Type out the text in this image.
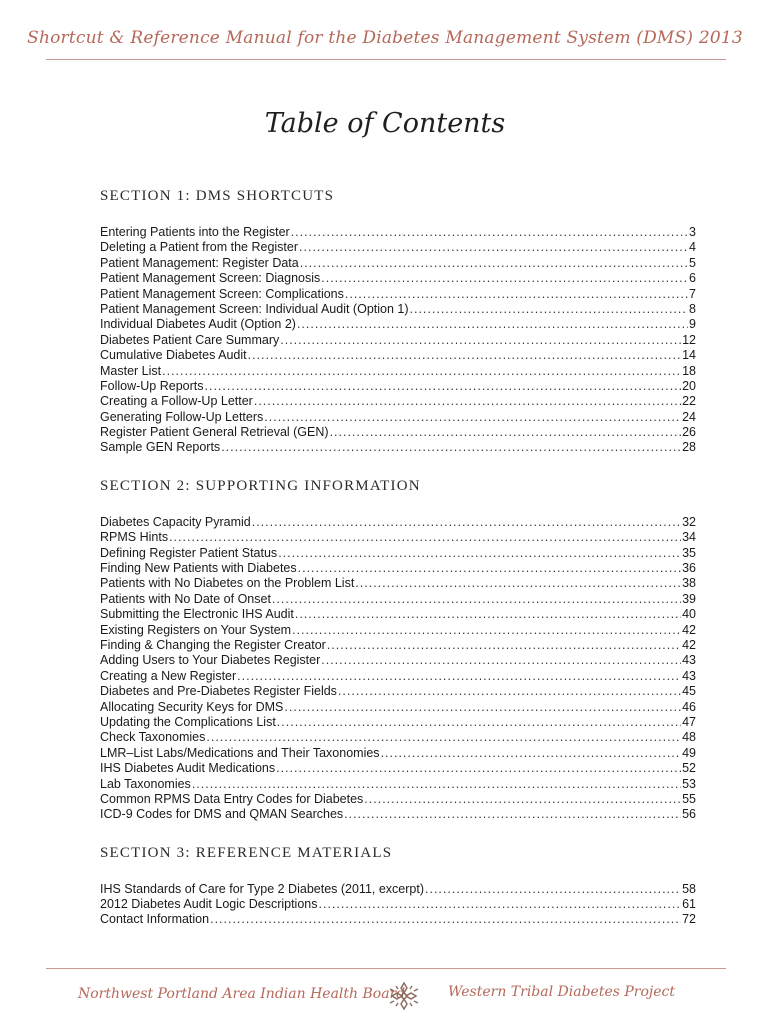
Shortcut & Reference Manual for the Diabetes Management System (DMS) 2013
Table of Contents
SECTION 1: DMS SHORTCUTS
Entering Patients into the Register .....	3
Deleting a Patient from the Register .....	4
Patient Management: Register Data .....	5
Patient Management Screen: Diagnosis .....	6
Patient Management Screen: Complications .....	7
Patient Management Screen: Individual Audit (Option 1) .....	8
Individual Diabetes Audit (Option 2) .....	9
Diabetes Patient Care Summary .....	12
Cumulative Diabetes Audit .....	14
Master List .....	18
Follow-Up Reports .....	20
Creating a Follow-Up Letter .....	22
Generating Follow-Up Letters .....	24
Register Patient General Retrieval (GEN) .....	26
Sample GEN Reports .....	28
SECTION 2: SUPPORTING INFORMATION
Diabetes Capacity Pyramid .....	32
RPMS Hints .....	34
Defining Register Patient Status .....	35
Finding New Patients with Diabetes .....	36
Patients with No Diabetes on the Problem List .....	38
Patients with No Date of Onset .....	39
Submitting the Electronic IHS Audit .....	40
Existing Registers on Your System .....	42
Finding & Changing the Register Creator .....	42
Adding Users to Your Diabetes Register .....	43
Creating a New Register .....	43
Diabetes and Pre-Diabetes Register Fields .....	45
Allocating Security Keys for DMS .....	46
Updating the Complications List .....	47
Check Taxonomies .....	48
LMR–List Labs/Medications and Their Taxonomies .....	49
IHS Diabetes Audit Medications .....	52
Lab Taxonomies .....	53
Common RPMS Data Entry Codes for Diabetes .....	55
ICD-9 Codes for DMS and QMAN Searches .....	56
SECTION 3: REFERENCE MATERIALS
IHS Standards of Care for Type 2 Diabetes (2011, excerpt) .....	58
2012 Diabetes Audit Logic Descriptions .....	61
Contact Information .....	72
Northwest Portland Area Indian Health Board	Western Tribal Diabetes Project
